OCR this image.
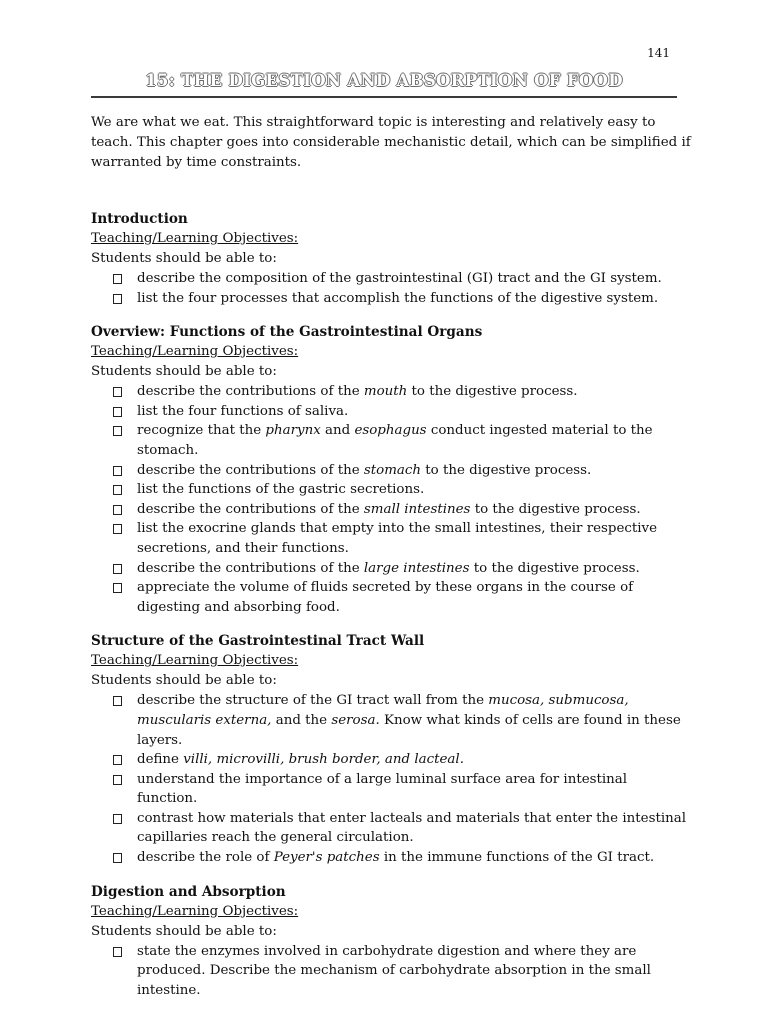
141
15: THE DIGESTION AND ABSORPTION OF FOOD

We are what we eat. This straightforward topic is interesting and relatively easy to teach. This chapter goes into considerable mechanistic detail, which can be simplified if warranted by time constraints.

Introduction
Teaching/Learning Objectives:
Students should be able to:
describe the composition of the gastrointestinal (GI) tract and the GI system.
list the four processes that accomplish the functions of the digestive system.
Overview: Functions of the Gastrointestinal Organs
Teaching/Learning Objectives:
Students should be able to:
describe the contributions of the mouth to the digestive process.
list the four functions of saliva.
recognize that the pharynx and esophagus conduct ingested material to the stomach.
describe the contributions of the stomach to the digestive process.
list the functions of the gastric secretions.
describe the contributions of the small intestines to the digestive process.
list the exocrine glands that empty into the small intestines, their respective secretions, and their functions.
describe the contributions of the large intestines to the digestive process.
appreciate the volume of fluids secreted by these organs in the course of digesting and absorbing food.
Structure of the Gastrointestinal Tract Wall
Teaching/Learning Objectives:
Students should be able to:
describe the structure of the GI tract wall from the mucosa, submucosa, muscularis externa, and the serosa. Know what kinds of cells are found in these layers.
define villi, microvilli, brush border, and lacteal.
understand the importance of a large luminal surface area for intestinal function.
contrast how materials that enter lacteals and materials that enter the intestinal capillaries reach the general circulation.
describe the role of Peyer's patches in the immune functions of the GI tract.
Digestion and Absorption
Teaching/Learning Objectives:
Students should be able to:
state the enzymes involved in carbohydrate digestion and where they are produced. Describe the mechanism of carbohydrate absorption in the small intestine.
